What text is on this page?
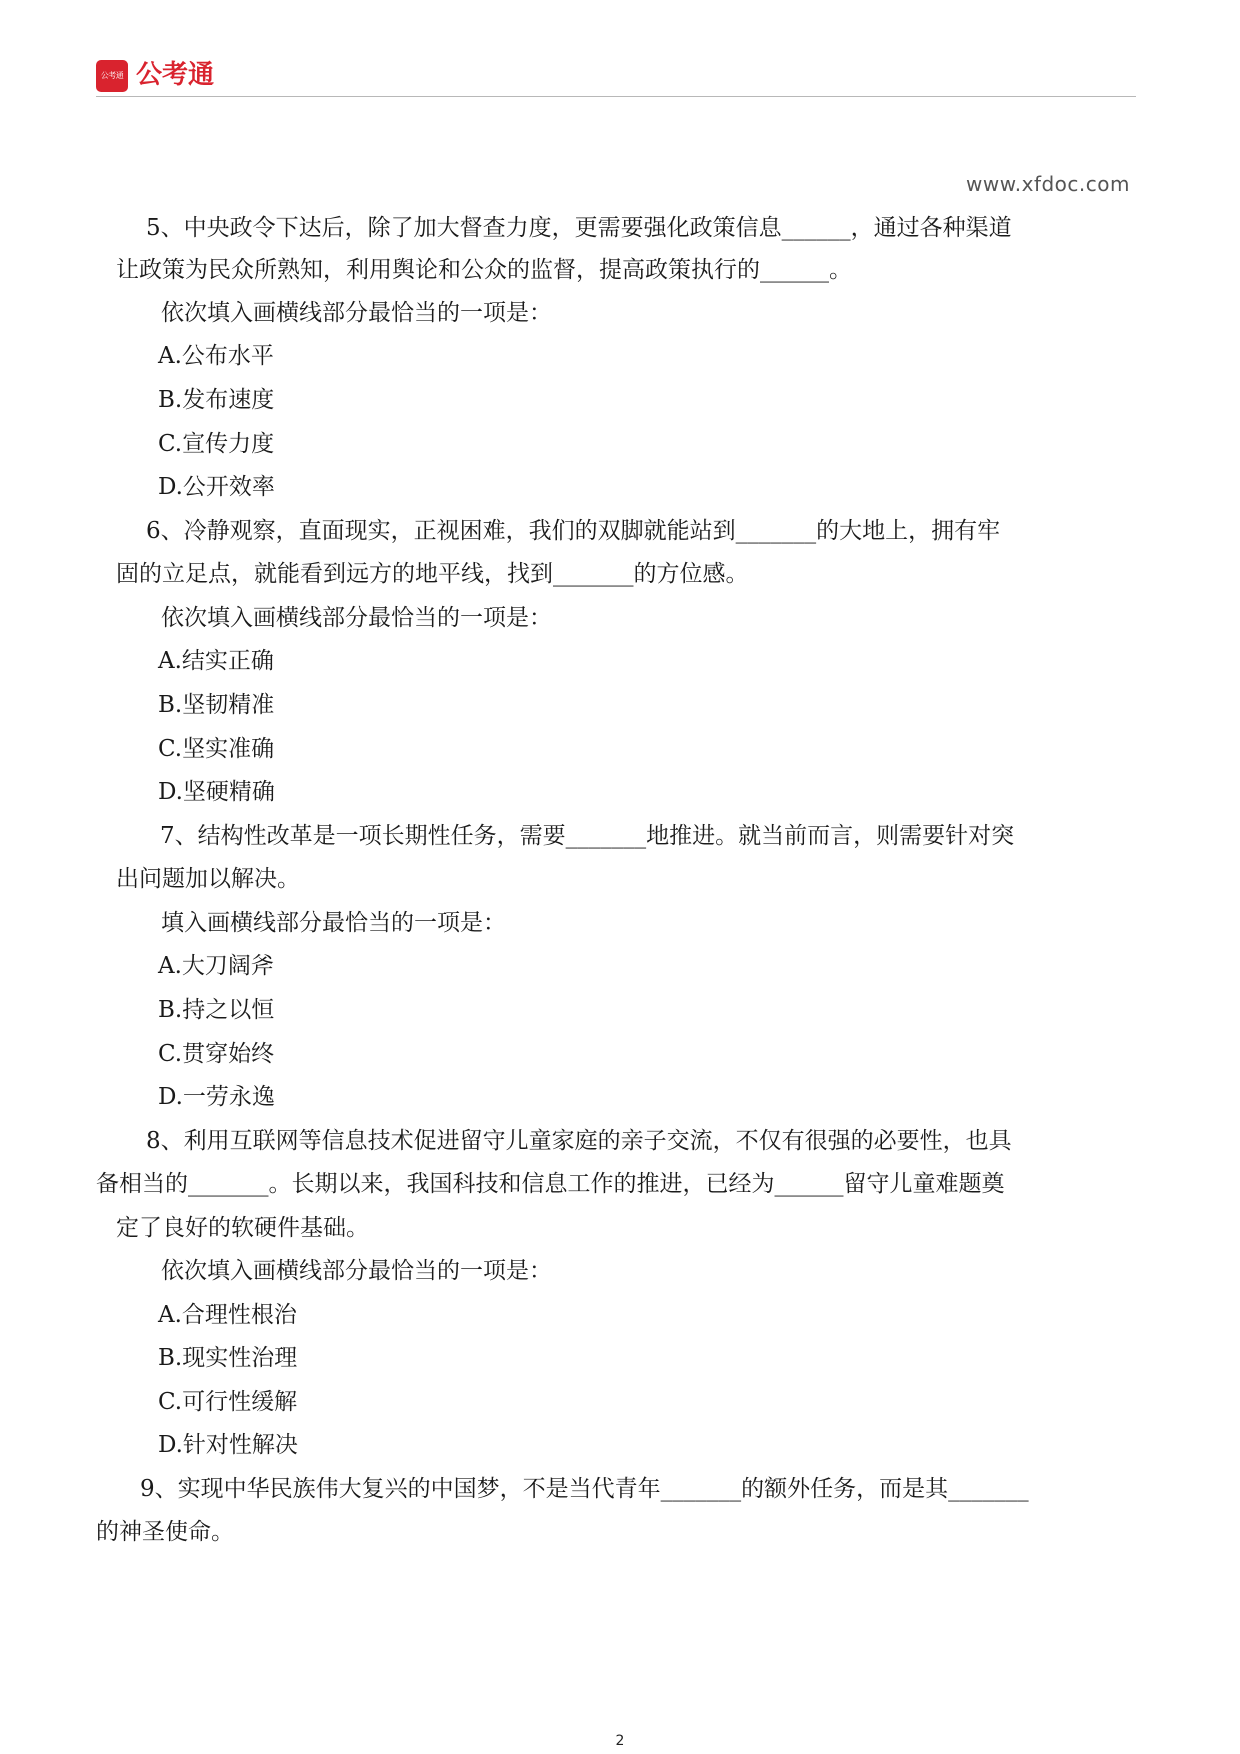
公考通 公考通
www.xfdoc.com
5、中央政令下达后，除了加大督查力度，更需要强化政策信息______，通过各种渠道
让政策为民众所熟知，利用舆论和公众的监督，提高政策执行的______。
依次填入画横线部分最恰当的一项是：
A.公布水平
B.发布速度
C.宣传力度
D.公开效率
6、冷静观察，直面现实，正视困难，我们的双脚就能站到_______的大地上，拥有牢
固的立足点，就能看到远方的地平线，找到_______的方位感。
依次填入画横线部分最恰当的一项是：
A.结实正确
B.坚韧精准
C.坚实准确
D.坚硬精确
7、结构性改革是一项长期性任务，需要_______地推进。就当前而言，则需要针对突
出问题加以解决。
填入画横线部分最恰当的一项是：
A.大刀阔斧
B.持之以恒
C.贯穿始终
D.一劳永逸
8、利用互联网等信息技术促进留守儿童家庭的亲子交流，不仅有很强的必要性，也具
备相当的_______。长期以来，我国科技和信息工作的推进，已经为______留守儿童难题奠
定了良好的软硬件基础。
依次填入画横线部分最恰当的一项是：
A.合理性根治
B.现实性治理
C.可行性缓解
D.针对性解决
9、实现中华民族伟大复兴的中国梦，不是当代青年_______的额外任务，而是其_______
的神圣使命。
2
